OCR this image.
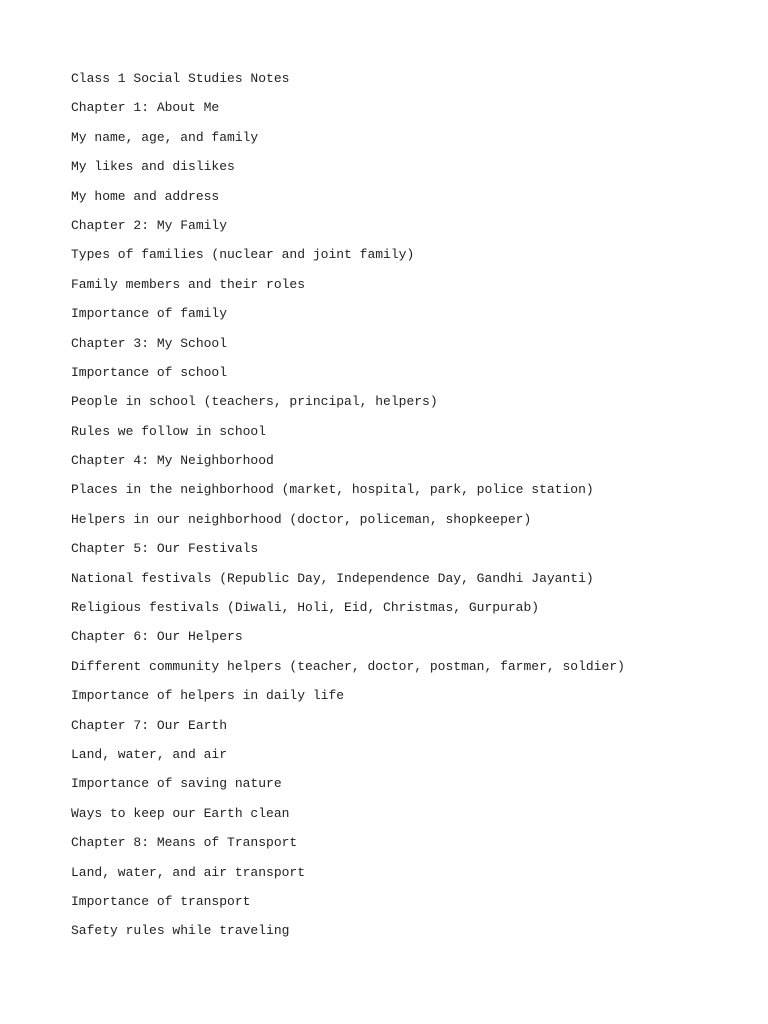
Class 1 Social Studies Notes

Chapter 1: About Me

My name, age, and family

My likes and dislikes

My home and address

Chapter 2: My Family

Types of families (nuclear and joint family)

Family members and their roles

Importance of family

Chapter 3: My School

Importance of school

People in school (teachers, principal, helpers)

Rules we follow in school

Chapter 4: My Neighborhood

Places in the neighborhood (market, hospital, park, police station)

Helpers in our neighborhood (doctor, policeman, shopkeeper)

Chapter 5: Our Festivals

National festivals (Republic Day, Independence Day, Gandhi Jayanti)

Religious festivals (Diwali, Holi, Eid, Christmas, Gurpurab)

Chapter 6: Our Helpers

Different community helpers (teacher, doctor, postman, farmer, soldier)

Importance of helpers in daily life

Chapter 7: Our Earth

Land, water, and air

Importance of saving nature

Ways to keep our Earth clean

Chapter 8: Means of Transport

Land, water, and air transport

Importance of transport

Safety rules while traveling
